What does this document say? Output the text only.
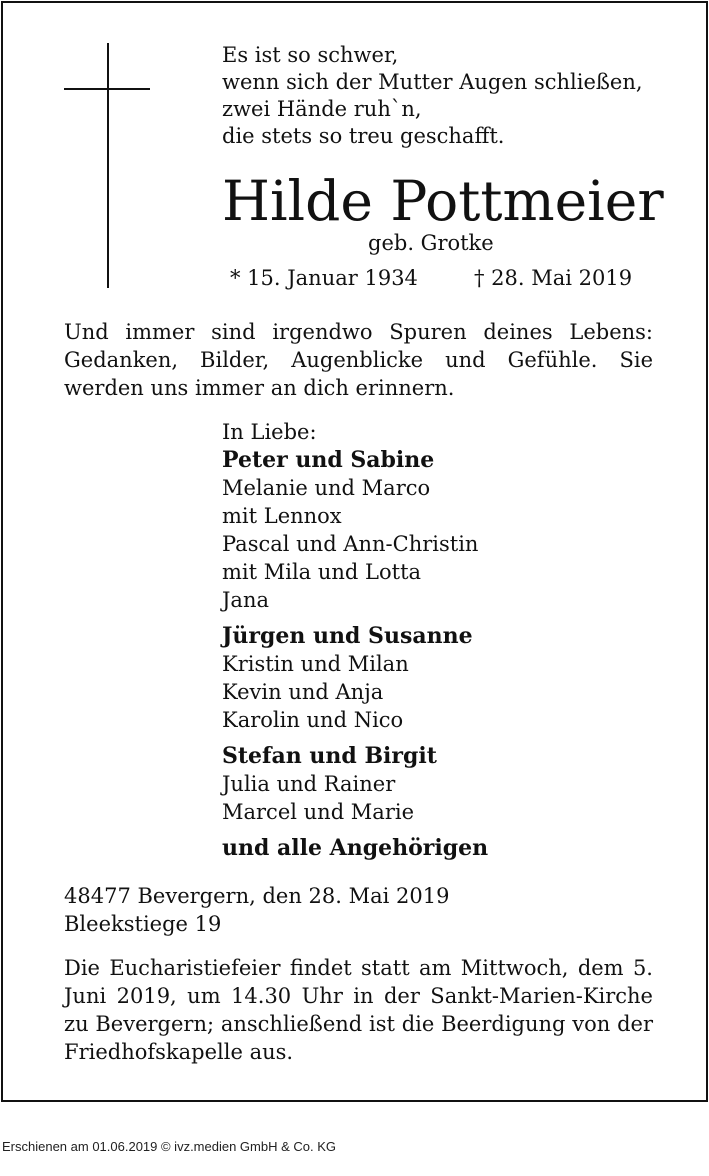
Es ist so schwer,
wenn sich der Mutter Augen schließen,
zwei Hände ruh`n,
die stets so treu geschafft.
Hilde Pottmeier
geb. Grotke
* 15. Januar 1934	† 28. Mai 2019
Und immer sind irgendwo Spuren deines Lebens: Gedanken, Bilder, Augenblicke und Gefühle. Sie werden uns immer an dich erinnern.
In Liebe:
Peter und Sabine
Melanie und Marco
mit Lennox
Pascal und Ann-Christin
mit Mila und Lotta
Jana
Jürgen und Susanne
Kristin und Milan
Kevin und Anja
Karolin und Nico
Stefan und Birgit
Julia und Rainer
Marcel und Marie
und alle Angehörigen
48477 Bevergern, den 28. Mai 2019
Bleekstiege 19
Die Eucharistiefeier findet statt am Mittwoch, dem 5. Juni 2019, um 14.30 Uhr in der Sankt-Marien-Kirche zu Bevergern; anschließend ist die Beerdigung von der Friedhofskapelle aus.
Erschienen am 01.06.2019 © ivz.medien GmbH & Co. KG
